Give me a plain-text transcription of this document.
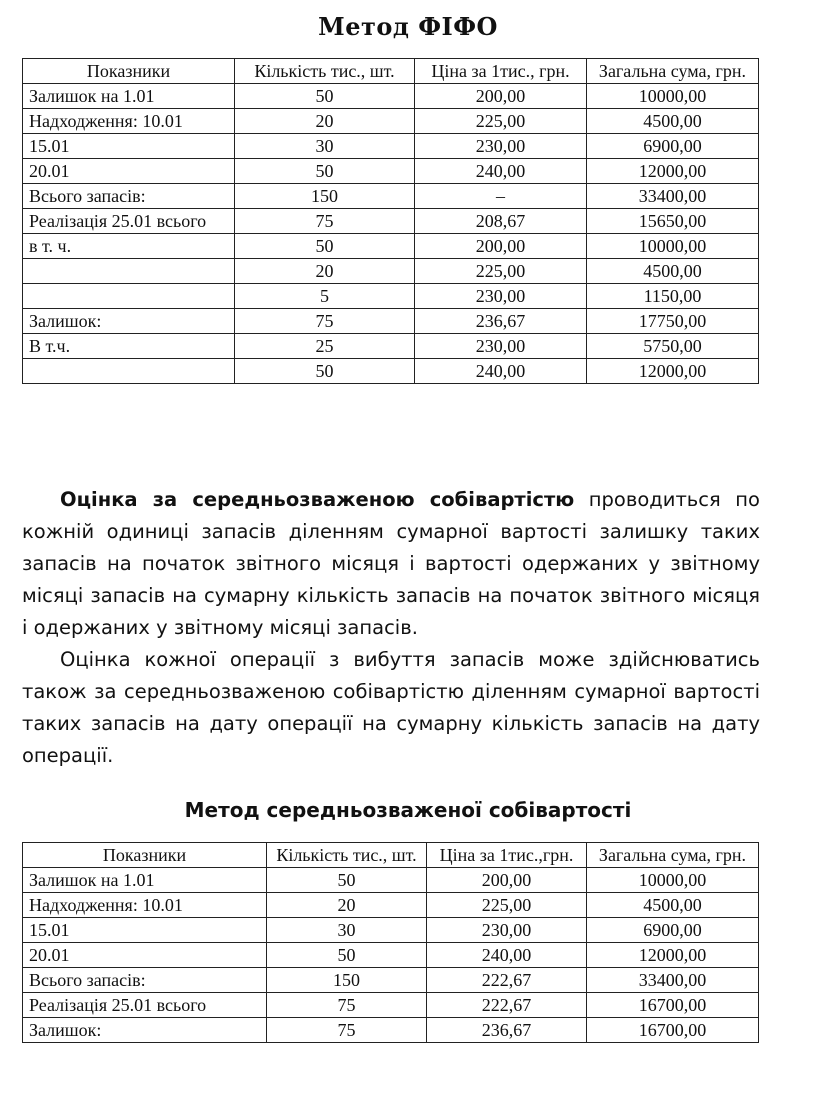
Метод ФІФО
Показники	Кількість тис., шт.	Ціна за 1тис., грн.	Загальна сума, грн.
Залишок на 1.01	50	200,00	10000,00
Надходження: 10.01	20	225,00	4500,00
15.01	30	230,00	6900,00
20.01	50	240,00	12000,00
Всього запасів:	150	–	33400,00
Реалізація 25.01 всього	75	208,67	15650,00
в т. ч.	50	200,00	10000,00
	20	225,00	4500,00
	5	230,00	1150,00
Залишок:	75	236,67	17750,00
В т.ч.	25	230,00	5750,00
	50	240,00	12000,00

Оцінка за середньозваженою собівартістю проводиться по кожній одиниці запасів діленням сумарної вартості залишку таких запасів на початок звітного місяця і вартості одержаних у звітному місяці запасів на сумарну кількість запасів на початок звітного місяця і одержаних у звітному місяці запасів.

Оцінка кожної операції з вибуття запасів може здійснюватись також за середньозваженою собівартістю діленням сумарної вартості таких запасів на дату операції на сумарну кількість запасів на дату операції.

Метод середньозваженої собівартості
Показники	Кількість тис., шт.	Ціна за 1тис.,грн.	Загальна сума, грн.
Залишок на 1.01	50	200,00	10000,00
Надходження: 10.01	20	225,00	4500,00
15.01	30	230,00	6900,00
20.01	50	240,00	12000,00
Всього запасів:	150	222,67	33400,00
Реалізація 25.01 всього	75	222,67	16700,00
Залишок:	75	236,67	16700,00
